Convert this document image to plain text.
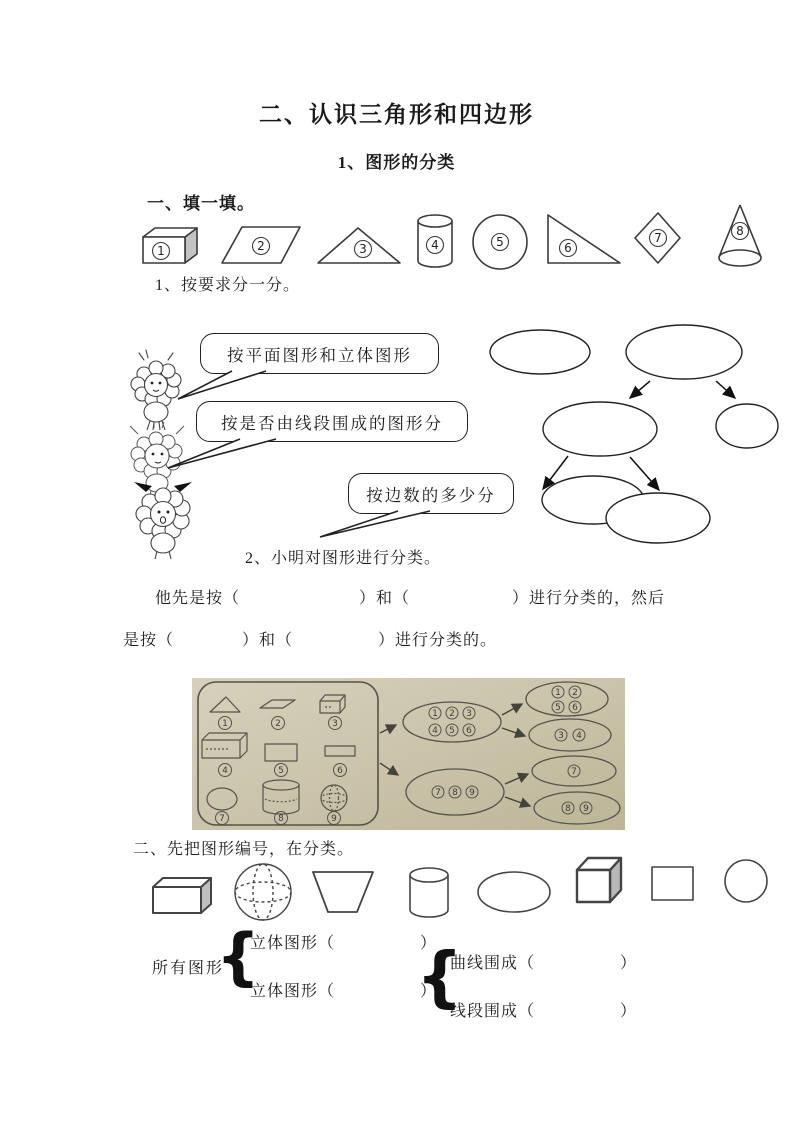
二、认识三角形和四边形
1、图形的分类
一、填一填。
1	2	3	4	5	6
7	8
1、按要求分一分。
按平面图形和立体图形
按是否由线段围成的图形分
按边数的多少分
2、小明对图形进行分类。
他先是按（　　　　　　　）和（　　　　　　）进行分类的，然后
是按（　　　　）和（　　　　　）进行分类的。
1	2	3
4	5	6
7	8	9
1 2 3
4 5 6
7 8 9
1 2
5 6
3 4
7
8 9
二、先把图形编号，在分类。
所有图形
{
立体图形（　　　　　）
立体图形（　　　　　）
{
曲线围成（　　　　　）
线段围成（　　　　　）
